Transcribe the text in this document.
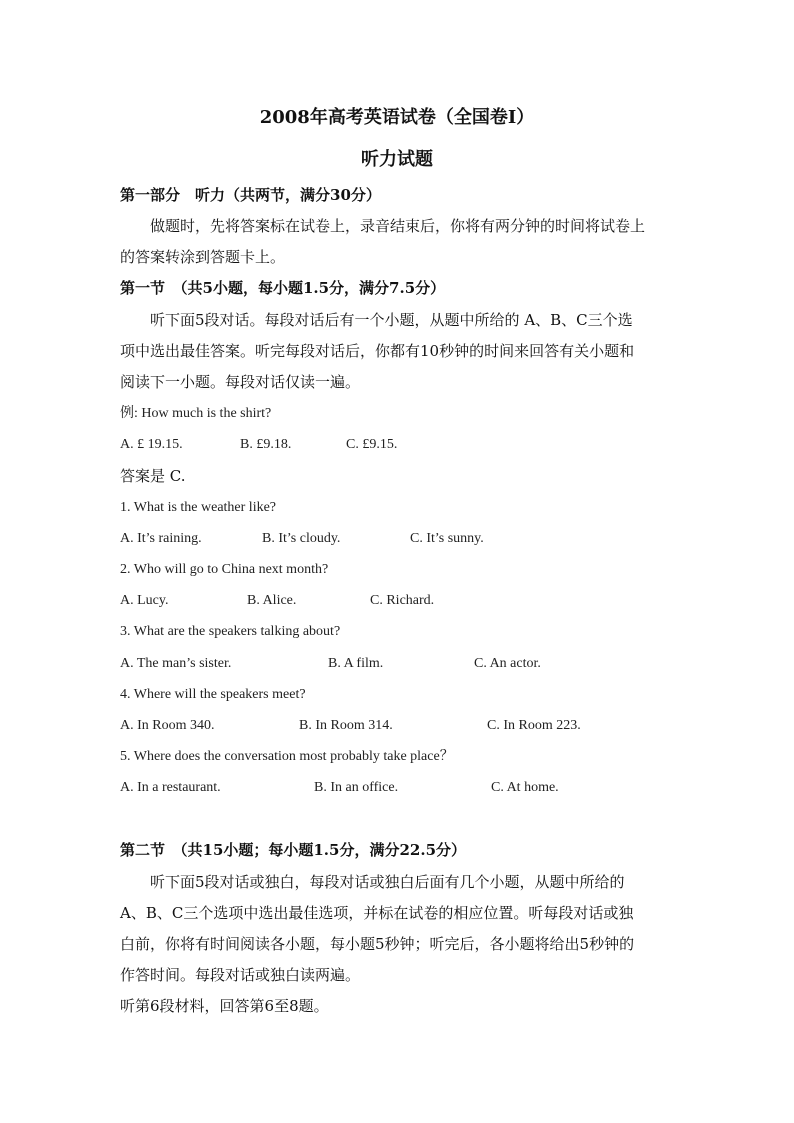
2008年高考英语试卷（全国卷I）
听力试题
第一部分　听力（共两节，满分30分）
做题时，先将答案标在试卷上，录音结束后，你将有两分钟的时间将试卷上
的答案转涂到答题卡上。
第一节　（共5小题，每小题1.5分，满分7.5分）
听下面5段对话。每段对话后有一个小题，从题中所给的 A、B、C三个选
项中选出最佳答案。听完每段对话后，你都有10秒钟的时间来回答有关小题和
阅读下一小题。每段对话仅读一遍。
例: How much is the shirt?
A. £ 19.15.	B. £9.18.	C. £9.15.
答案是 C.
1. What is the weather like?
A. It’s raining.	B. It’s cloudy.	C. It’s sunny.
2. Who will go to China next month?
A. Lucy.	B. Alice.	C. Richard.
3. What are the speakers talking about?
A. The man’s sister.	B. A film.	C. An actor.
4. Where will the speakers meet?
A. In Room 340.	B. In Room 314.	C. In Room 223.
5. Where does the conversation most probably take place？
A. In a restaurant.	B. In an office.	C. At home.
第二节　（共15小题；每小题1.5分，满分22.5分）
听下面5段对话或独白，每段对话或独白后面有几个小题，从题中所给的
A、B、C三个选项中选出最佳选项，并标在试卷的相应位置。听每段对话或独
白前，你将有时间阅读各小题，每小题5秒钟；听完后，各小题将给出5秒钟的
作答时间。每段对话或独白读两遍。
听第6段材料，回答第6至8题。
